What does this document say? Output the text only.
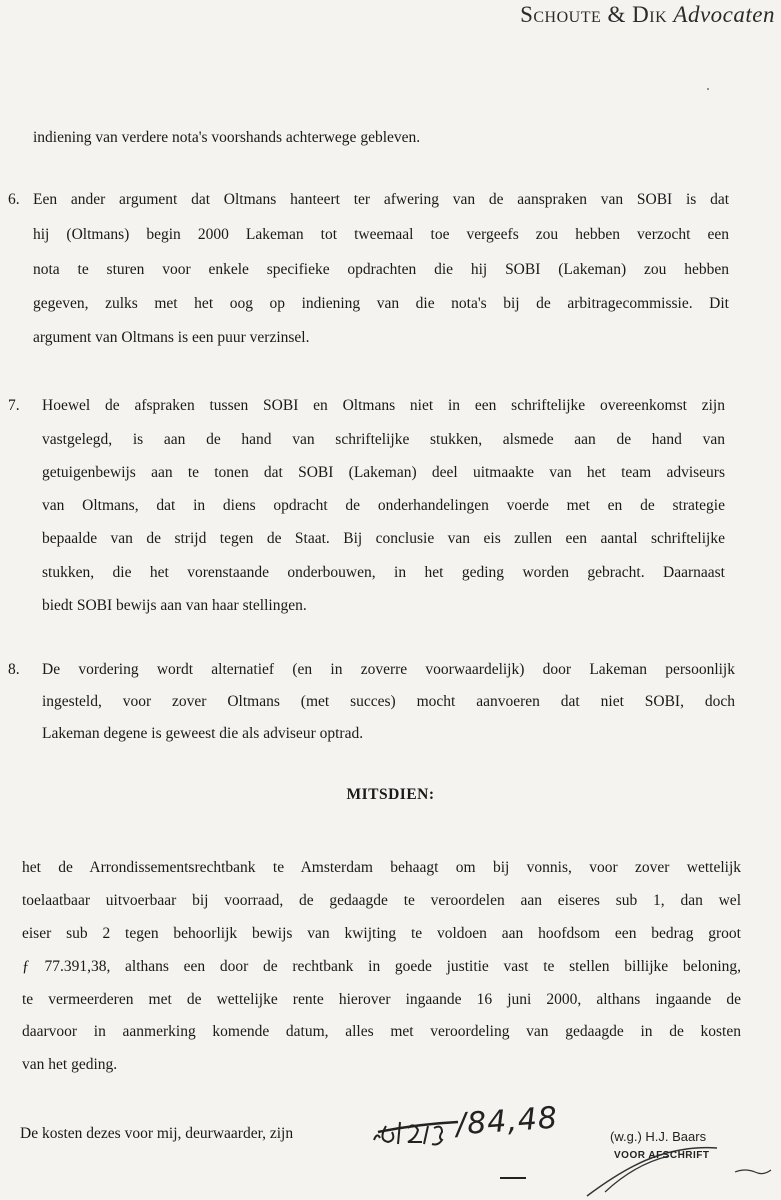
Schoute & Dik Advocaten
indiening van verdere nota's voorshands achterwege gebleven.
6. Een ander argument dat Oltmans hanteert ter afwering van de aanspraken van SOBI is dat
hij (Oltmans) begin 2000 Lakeman tot tweemaal toe vergeefs zou hebben verzocht een
nota te sturen voor enkele specifieke opdrachten die hij SOBI (Lakeman) zou hebben
gegeven, zulks met het oog op indiening van die nota's bij de arbitragecommissie. Dit
argument van Oltmans is een puur verzinsel.
7. Hoewel de afspraken tussen SOBI en Oltmans niet in een schriftelijke overeenkomst zijn
vastgelegd, is aan de hand van schriftelijke stukken, alsmede aan de hand van
getuigenbewijs aan te tonen dat SOBI (Lakeman) deel uitmaakte van het team adviseurs
van Oltmans, dat in diens opdracht de onderhandelingen voerde met en de strategie
bepaalde van de strijd tegen de Staat. Bij conclusie van eis zullen een aantal schriftelijke
stukken, die het vorenstaande onderbouwen, in het geding worden gebracht. Daarnaast
biedt SOBI bewijs aan van haar stellingen.
8. De vordering wordt alternatief (en in zoverre voorwaardelijk) door Lakeman persoonlijk
ingesteld, voor zover Oltmans (met succes) mocht aanvoeren dat niet SOBI, doch
Lakeman degene is geweest die als adviseur optrad.
MITSDIEN:
het de Arrondissementsrechtbank te Amsterdam behaagt om bij vonnis, voor zover wettelijk
toelaatbaar uitvoerbaar bij voorraad, de gedaagde te veroordelen aan eiseres sub 1, dan wel
eiser sub 2 tegen behoorlijk bewijs van kwijting te voldoen aan hoofdsom een bedrag groot
ƒ 77.391,38, althans een door de rechtbank in goede justitie vast te stellen billijke beloning,
te vermeerderen met de wettelijke rente hierover ingaande 16 juni 2000, althans ingaande de
daarvoor in aanmerking komende datum, alles met veroordeling van gedaagde in de kosten
van het geding.
De kosten dezes voor mij, deurwaarder, zijn	/84,48	(w.g.) H.J. Baars
VOOR AFSCHRIFT
